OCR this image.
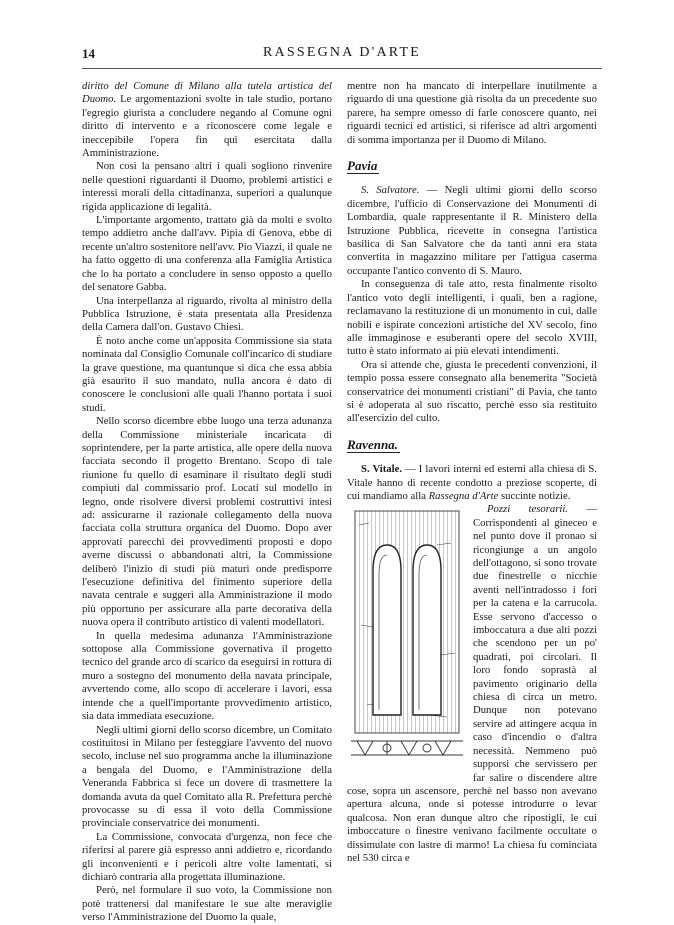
14	RASSEGNA D'ARTE

diritto del Comune di Milano alla tutela artistica del Duomo. Le argomentazioni svolte in tale studio, portano l'egregio giurista a concludere negando al Comune ogni diritto di intervento e a riconoscere come legale e ineccepibile l'opera fin qui esercitata dalla Amministrazione.

Non così la pensano altri i quali sogliono rinvenire nelle questioni riguardanti il Duomo, problemi artistici e interessi morali della cittadinanza, superiori a qualunque rigida applicazione di legalità.

L'importante argomento, trattato già da molti e svolto tempo addietro anche dall'avv. Pipia di Genova, ebbe di recente un'altro sostenitore nell'avv. Pio Viazzi, il quale ne ha fatto oggetto di una conferenza alla Famiglia Artistica che lo ha portato a concludere in senso opposto a quello del senatore Gabba.

Una interpellanza al riguardo, rivolta al ministro della Pubblica Istruzione, è stata presentata alla Presidenza della Camera dall'on. Gustavo Chiesi.

È noto anche come un'apposita Commissione sia stata nominata dal Consiglio Comunale coll'incarico di studiare la grave questione, ma quantunque si dica che essa abbia già esaurito il suo mandato, nulla ancora è dato di conoscere le conclusioni alle quali l'hanno portata i suoi studi.

Nello scorso dicembre ebbe luogo una terza adunanza della Commissione ministeriale incaricata di soprintendere, per la parte artistica, alle opere della nuova facciata secondo il progetto Brentano. Scopo di tale riunione fu quello di esaminare il risultato degli studi compiuti dal commissario prof. Locati sul modello in legno, onde risolvere diversi problemi costruttivi intesi ad: assicurarne il razionale collegamento della nuova facciata colla struttura organica del Duomo. Dopo aver approvati parecchi dei provvedimenti proposti e dopo averne discussi o abbandonati altri, la Commissione deliberò l'inizio di studi più maturi onde predisporre l'esecuzione definitiva del finimento superiore della navata centrale e suggerì alla Amministrazione il modo più opportuno per assicurare alla parte decorativa della nuova opera il contributo artistico di valenti modellatori.

In quella medesima adunanza l'Amministrazione sottopose alla Commissione governativa il progetto tecnico del grande arco di scarico da eseguirsi in rottura di muro a sostegno del monumento della navata principale, avvertendo come, allo scopo di accelerare i lavori, essa intende che a quell'importante provvedimento artistico, sia data immediata esecuzione.

Negli ultimi giorni dello scorso dicembre, un Comitato costituitosi in Milano per festeggiare l'avvento del nuovo secolo, incluse nel suo programma anche la illuminazione a bengala del Duomo, e l'Amministrazione della Veneranda Fabbrica si fece un dovere di trasmettere la domanda avuta da quel Comitato alla R. Prefettura perchè provocasse su di essa il voto della Commissione provinciale conservatrice dei monumenti.

La Commissione, convocata d'urgenza, non fece che riferirsi al parere già espresso anni addietro e, ricordando gli inconvenienti e i pericoli altre volte lamentati, si dichiarò contraria alla progettata illuminazione.

Però, nel formulare il suo voto, la Commissione non potè trattenersi dal manifestare le sue alte meraviglie verso l'Amministrazione del Duomo la quale,

mentre non ha mancato di interpellare inutilmente a riguardo di una questione già risolta da un precedente suo parere, ha sempre omesso di farle conoscere quanto, nei riguardi tecnici ed artistici, si riferisce ad altri argomenti di somma importanza per il Duomo di Milano.

Pavia

S. Salvatore. — Negli ultimi giorni dello scorso dicembre, l'ufficio di Conservazione dei Monumenti di Lombardia, quale rappresentante il R. Ministero della Istruzione Pubblica, ricevette in consegna l'artistica basilica di San Salvatore che da tanti anni era stata convertita in magazzino militare per l'attigua caserma occupante l'antico convento di S. Mauro.

In conseguenza di tale atto, resta finalmente risolto l'antico voto degli intelligenti, i quali, ben a ragione, reclamavano la restituzione di un monumento in cui, dalle nobili e ispirate concezioni artistiche del XV secolo, fino alle immaginose e esuberanti opere del secolo XVIII, tutto è stato informato ai più elevati intendimenti.

Ora si attende che, giusta le precedenti convenzioni, il tempio possa essere consegnato alla benemerita "Società conservatrice dei monumenti cristiani" di Pavia, che tanto si è adoperata al suo riscatto, perchè esso sia restituito all'esercizio del culto.

Ravenna.

S. Vitale. — I lavori interni ed esterni alla chiesa di S. Vitale hanno di recente condotto a preziose scoperte, di cui mandiamo alla Rassegna d'Arte succinte notizie.

Pozzi tesorarii.
— Corrispondenti al gineceo e nel punto dove il pronao si ricongiunge a un angolo dell'ottagono, si sono trovate due finestrelle o nicchie aventi nell'intradosso i fori per la catena e la carrucola. Esse servono d'accesso o imboccatura a due alti pozzi che scendono per un po' quadrati, poi circolari. Il loro fondo soprastà al pavimento originario della chiesa di circa un metro. Dunque non potevano servire ad attingere acqua in caso d'incendio o d'altra necessità. Nemmeno può supporsi che servissero per far salire o discendere altre cose, sopra un ascensore, perchè nel basso non avevano apertura alcuna, onde si potesse introdurre o levar qualcosa. Non eran dunque altro che ripostigli, le cui imboccature o finestre venivano facilmente occultate o dissimulate con lastre di marmo! La chiesa fu cominciata nel 530 circa e
